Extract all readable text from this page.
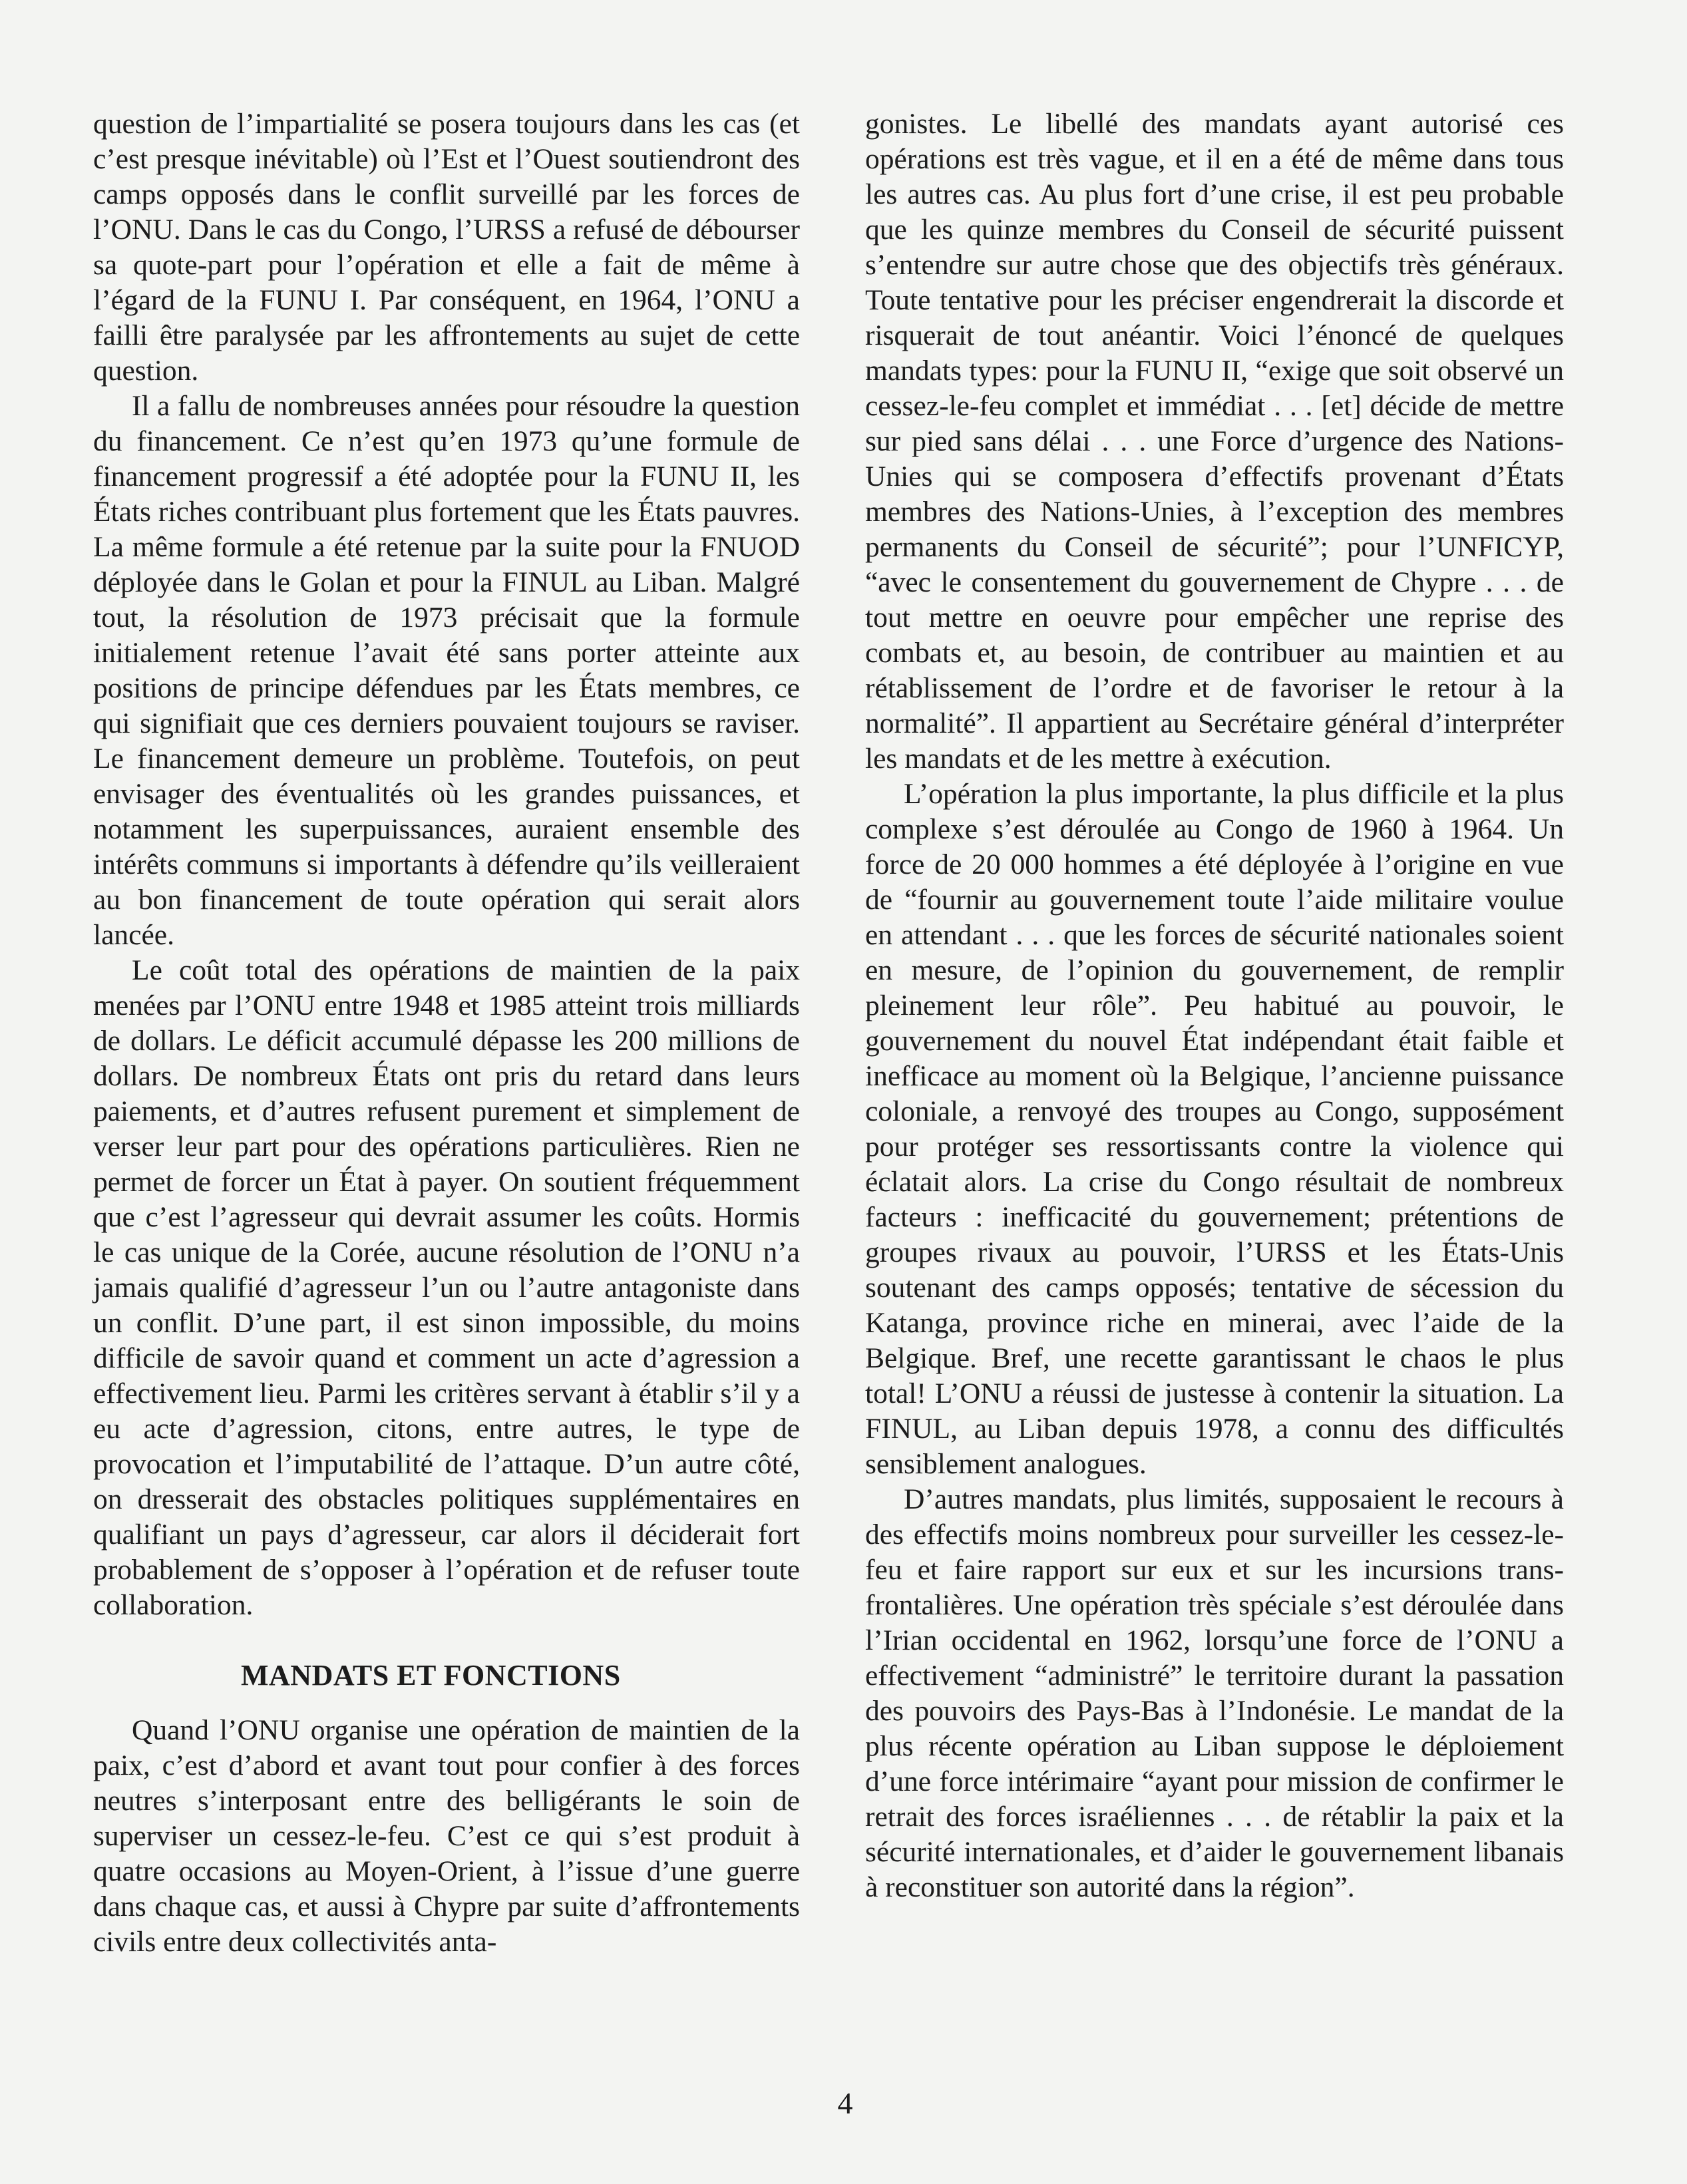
question de l’impartialité se posera toujours dans les cas (et c’est presque inévitable) où l’Est et l’Ouest soutiendront des camps opposés dans le conflit surveillé par les forces de l’ONU. Dans le cas du Congo, l’URSS a refusé de débourser sa quote-part pour l’opération et elle a fait de même à l’égard de la FUNU I. Par conséquent, en 1964, l’ONU a failli être paralysée par les affrontements au sujet de cette question.

Il a fallu de nombreuses années pour résoudre la question du financement. Ce n’est qu’en 1973 qu’une formule de financement progressif a été adoptée pour la FUNU II, les États riches contribuant plus fortement que les États pauvres. La même formule a été retenue par la suite pour la FNUOD déployée dans le Golan et pour la FINUL au Liban. Malgré tout, la résolution de 1973 précisait que la formule initialement retenue l’avait été sans porter atteinte aux positions de principe défendues par les États membres, ce qui signifiait que ces derniers pouvaient toujours se raviser. Le financement demeure un problème. Toutefois, on peut envisager des éventualités où les grandes puissances, et notamment les superpuissances, auraient ensemble des intérêts communs si importants à défendre qu’ils veilleraient au bon financement de toute opération qui serait alors lancée.

Le coût total des opérations de maintien de la paix menées par l’ONU entre 1948 et 1985 atteint trois milliards de dollars. Le déficit accumulé dépasse les 200 millions de dollars. De nombreux États ont pris du retard dans leurs paiements, et d’autres refusent purement et simplement de verser leur part pour des opérations particulières. Rien ne permet de forcer un État à payer. On soutient fréquemment que c’est l’agresseur qui devrait assumer les coûts. Hormis le cas unique de la Corée, aucune résolution de l’ONU n’a jamais qualifié d’agresseur l’un ou l’autre antagoniste dans un conflit. D’une part, il est sinon impossible, du moins difficile de savoir quand et comment un acte d’agression a effectivement lieu. Parmi les critères servant à établir s’il y a eu acte d’agression, citons, entre autres, le type de provocation et l’imputabilité de l’attaque. D’un autre côté, on dresserait des obstacles politiques supplémentaires en qualifiant un pays d’agresseur, car alors il déciderait fort probablement de s’opposer à l’opération et de refuser toute collaboration.

MANDATS ET FONCTIONS

Quand l’ONU organise une opération de maintien de la paix, c’est d’abord et avant tout pour confier à des forces neutres s’interposant entre des belligérants le soin de superviser un cessez-le-feu. C’est ce qui s’est produit à quatre occasions au Moyen-Orient, à l’issue d’une guerre dans chaque cas, et aussi à Chypre par suite d’affrontements civils entre deux collectivités anta-

gonistes. Le libellé des mandats ayant autorisé ces opérations est très vague, et il en a été de même dans tous les autres cas. Au plus fort d’une crise, il est peu probable que les quinze membres du Conseil de sécurité puissent s’entendre sur autre chose que des objectifs très généraux. Toute tentative pour les préciser engendrerait la discorde et risquerait de tout anéantir. Voici l’énoncé de quelques mandats types: pour la FUNU II, “exige que soit observé un cessez-le-feu complet et immédiat . . . [et] décide de mettre sur pied sans délai . . . une Force d’urgence des Nations-Unies qui se composera d’effectifs provenant d’États membres des Nations-Unies, à l’exception des membres permanents du Conseil de sécurité”; pour l’UNFICYP, “avec le consentement du gouvernement de Chypre . . . de tout mettre en oeuvre pour empêcher une reprise des combats et, au besoin, de contribuer au maintien et au rétablissement de l’ordre et de favoriser le retour à la normalité”. Il appartient au Secrétaire général d’interpréter les mandats et de les mettre à exécution.

L’opération la plus importante, la plus difficile et la plus complexe s’est déroulée au Congo de 1960 à 1964. Un force de 20 000 hommes a été déployée à l’origine en vue de “fournir au gouvernement toute l’aide militaire voulue en attendant . . . que les forces de sécurité nationales soient en mesure, de l’opinion du gouvernement, de remplir pleinement leur rôle”. Peu habitué au pouvoir, le gouvernement du nouvel État indépendant était faible et inefficace au moment où la Belgique, l’ancienne puissance coloniale, a renvoyé des troupes au Congo, supposément pour protéger ses ressortissants contre la violence qui éclatait alors. La crise du Congo résultait de nombreux facteurs : inefficacité du gouvernement; prétentions de groupes rivaux au pouvoir, l’URSS et les États-Unis soutenant des camps opposés; tentative de sécession du Katanga, province riche en minerai, avec l’aide de la Belgique. Bref, une recette garantissant le chaos le plus total! L’ONU a réussi de justesse à contenir la situation. La FINUL, au Liban depuis 1978, a connu des difficultés sensiblement analogues.

D’autres mandats, plus limités, supposaient le recours à des effectifs moins nombreux pour surveiller les cessez-le-feu et faire rapport sur eux et sur les incursions trans-frontalières. Une opération très spéciale s’est déroulée dans l’Irian occidental en 1962, lorsqu’une force de l’ONU a effectivement “administré” le territoire durant la passation des pouvoirs des Pays-Bas à l’Indonésie. Le mandat de la plus récente opération au Liban suppose le déploiement d’une force intérimaire “ayant pour mission de confirmer le retrait des forces israéliennes . . . de rétablir la paix et la sécurité internationales, et d’aider le gouvernement libanais à reconstituer son autorité dans la région”.

4
